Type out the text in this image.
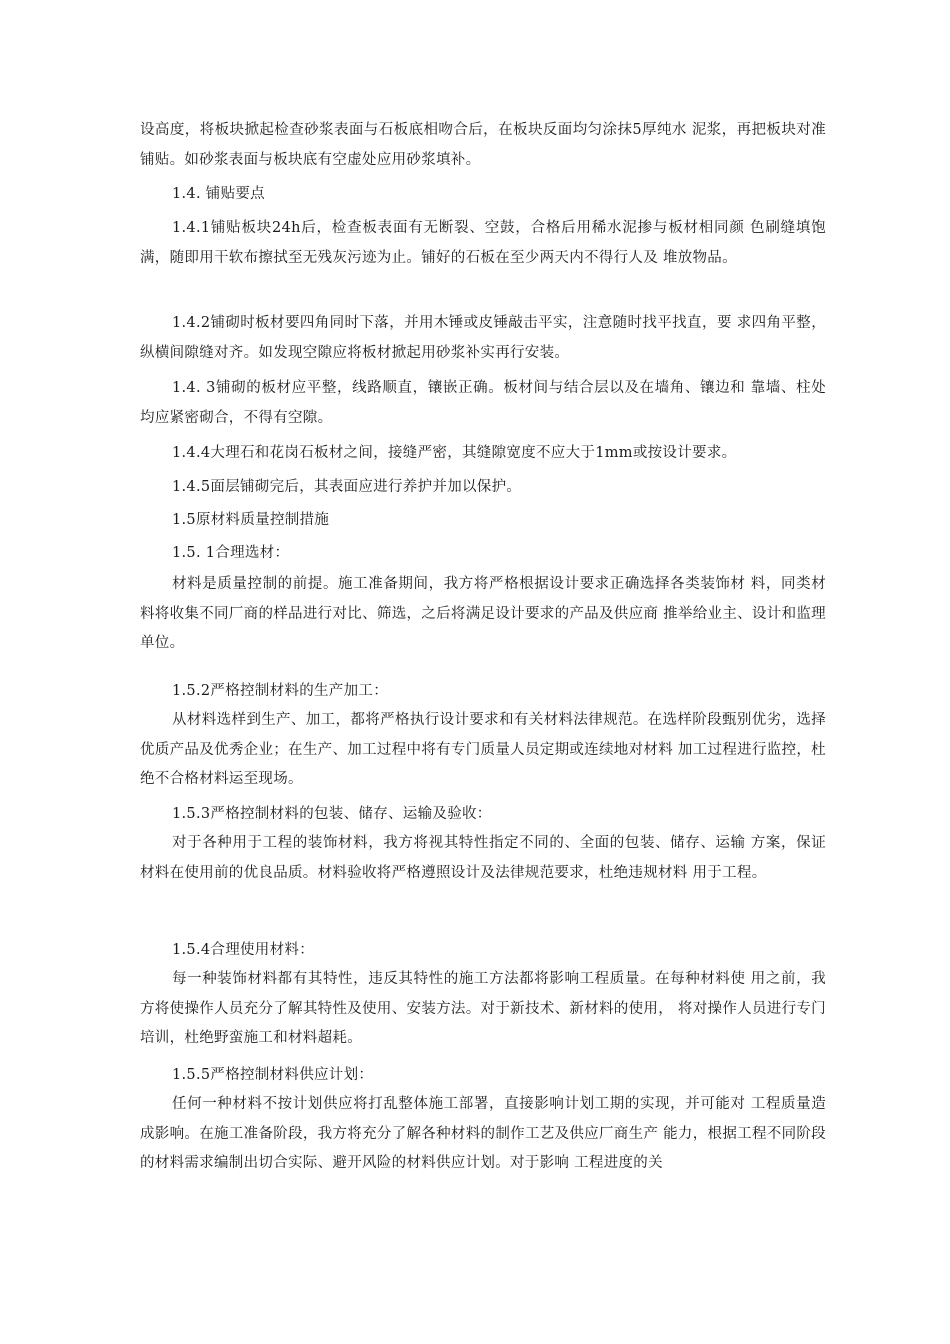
设高度，将板块掀起检查砂浆表面与石板底相吻合后，在板块反面均匀涂抹5厚纯水 泥浆，再把板块对准铺贴。如砂浆表面与板块底有空虚处应用砂浆填补。
1.4. 铺贴要点
1.4.1铺贴板块24h后，检查板表面有无断裂、空鼓，合格后用稀水泥掺与板材相同颜 色刷缝填饱满，随即用干软布擦拭至无残灰污迹为止。铺好的石板在至少两天内不得行人及 堆放物品。
1.4.2铺砌时板材要四角同时下落，并用木锤或皮锤敲击平实，注意随时找平找直，要 求四角平整，纵横间隙缝对齐。如发现空隙应将板材掀起用砂浆补实再行安装。
1.4. 3铺砌的板材应平整，线路顺直，镶嵌正确。板材间与结合层以及在墙角、镶边和 靠墙、柱处均应紧密砌合，不得有空隙。
1.4.4大理石和花岗石板材之间，接缝严密，其缝隙宽度不应大于1mm或按设计要求。
1.4.5面层铺砌完后，其表面应进行养护并加以保护。
1.5原材料质量控制措施
1.5. 1合理选材：
材料是质量控制的前提。施工准备期间，我方将严格根据设计要求正确选择各类装饰材 料，同类材料将收集不同厂商的样品进行对比、筛选，之后将满足设计要求的产品及供应商 推举给业主、设计和监理单位。
1.5.2严格控制材料的生产加工：
从材料选样到生产、加工，都将严格执行设计要求和有关材料法律规范。在选样阶段甄别优劣，选择优质产品及优秀企业；在生产、加工过程中将有专门质量人员定期或连续地对材料 加工过程进行监控，杜绝不合格材料运至现场。
1.5.3严格控制材料的包装、储存、运输及验收：
对于各种用于工程的装饰材料，我方将视其特性指定不同的、全面的包装、储存、运输 方案，保证材料在使用前的优良品质。材料验收将严格遵照设计及法律规范要求，杜绝违规材料 用于工程。
1.5.4合理使用材料：
每一种装饰材料都有其特性，违反其特性的施工方法都将影响工程质量。在每种材料使 用之前，我方将使操作人员充分了解其特性及使用、安装方法。对于新技术、新材料的使用， 将对操作人员进行专门培训，杜绝野蛮施工和材料超耗。
1.5.5严格控制材料供应计划：
任何一种材料不按计划供应将打乱整体施工部署，直接影响计划工期的实现，并可能对 工程质量造成影响。在施工准备阶段，我方将充分了解各种材料的制作工艺及供应厂商生产 能力，根据工程不同阶段的材料需求编制出切合实际、避开风险的材料供应计划。对于影响 工程进度的关
